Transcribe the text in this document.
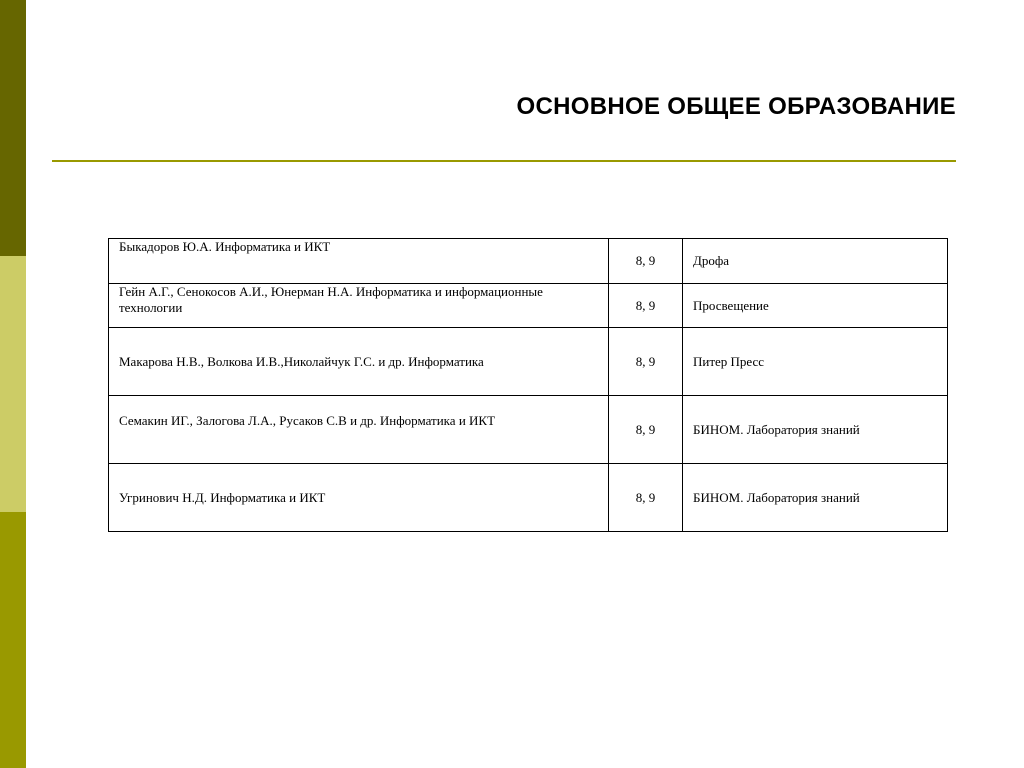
ОСНОВНОЕ ОБЩЕЕ ОБРАЗОВАНИЕ
Быкадоров Ю.А. Информатика и ИКТ	8, 9	Дрофа
Гейн А.Г., Сенокосов А.И., Юнерман Н.А. Информатика и информационные технологии	8, 9	Просвещение
Макарова Н.В., Волкова И.В.,Николайчук Г.С. и др. Информатика	8, 9	Питер Пресс
Семакин ИГ., Залогова Л.А., Русаков С.В и др. Информатика и ИКТ	8, 9	БИНОМ. Лаборатория знаний
Угринович Н.Д. Информатика и ИКТ	8, 9	БИНОМ. Лаборатория знаний
